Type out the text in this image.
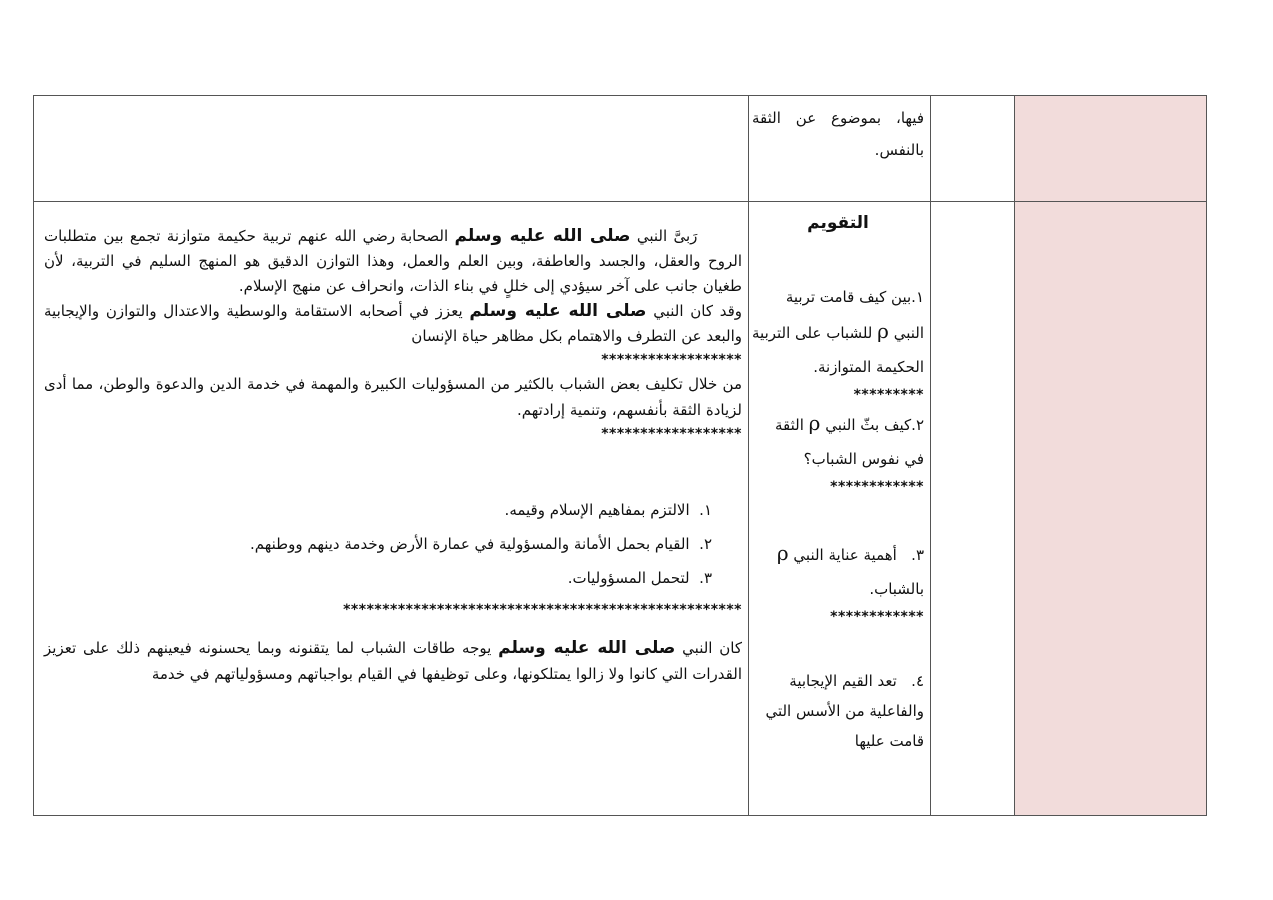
فيها، بموضوع عن الثقة بالنفس.

التقويم

١.بين كيف قامت تربية النبي ρ للشباب على التربية الحكيمة المتوازنة.

*********

٢.كيف بثّ النبي ρ الثقة في نفوس الشباب؟

************

٣.   أهمية عناية النبي ρ بالشباب.

************

٤.   تعد القيم الإيجابية والفاعلية من الأسس التي قامت عليها

رَبىَّ النبي صلى الله عليه وسلم الصحابة رضي الله عنهم تربية حكيمة متوازنة تجمع بين متطلبات الروح والعقل، والجسد والعاطفة، وبين العلم والعمل، وهذا التوازن الدقيق هو المنهج السليم في التربية، لأن طغيان جانب على آخر سيؤدي إلى خللٍ في بناء الذات، وانحراف عن منهج الإسلام.

وقد كان النبي صلى الله عليه وسلم يعزز في أصحابه الاستقامة والوسطية والاعتدال والتوازن والإيجابية والبعد عن التطرف والاهتمام بكل مظاهر حياة الإنسان

******************

من خلال تكليف بعض الشباب بالكثير من المسؤوليات الكبيرة والمهمة في خدمة الدين والدعوة والوطن، مما أدى لزيادة الثقة بأنفسهم، وتنمية إرادتهم.

******************

١.  الالتزم بمفاهيم الإسلام وقيمه.
٢.  القيام بحمل الأمانة والمسؤولية في عمارة الأرض وخدمة دينهم ووطنهم.
٣.  لتحمل المسؤوليات.

***************************************************

كان النبي صلى الله عليه وسلم يوجه طاقات الشباب لما يتقنونه وبما يحسنونه فيعينهم ذلك على تعزيز القدرات التي كانوا ولا زالوا يمتلكونها، وعلى توظيفها في القيام بواجباتهم ومسؤولياتهم في خدمة
